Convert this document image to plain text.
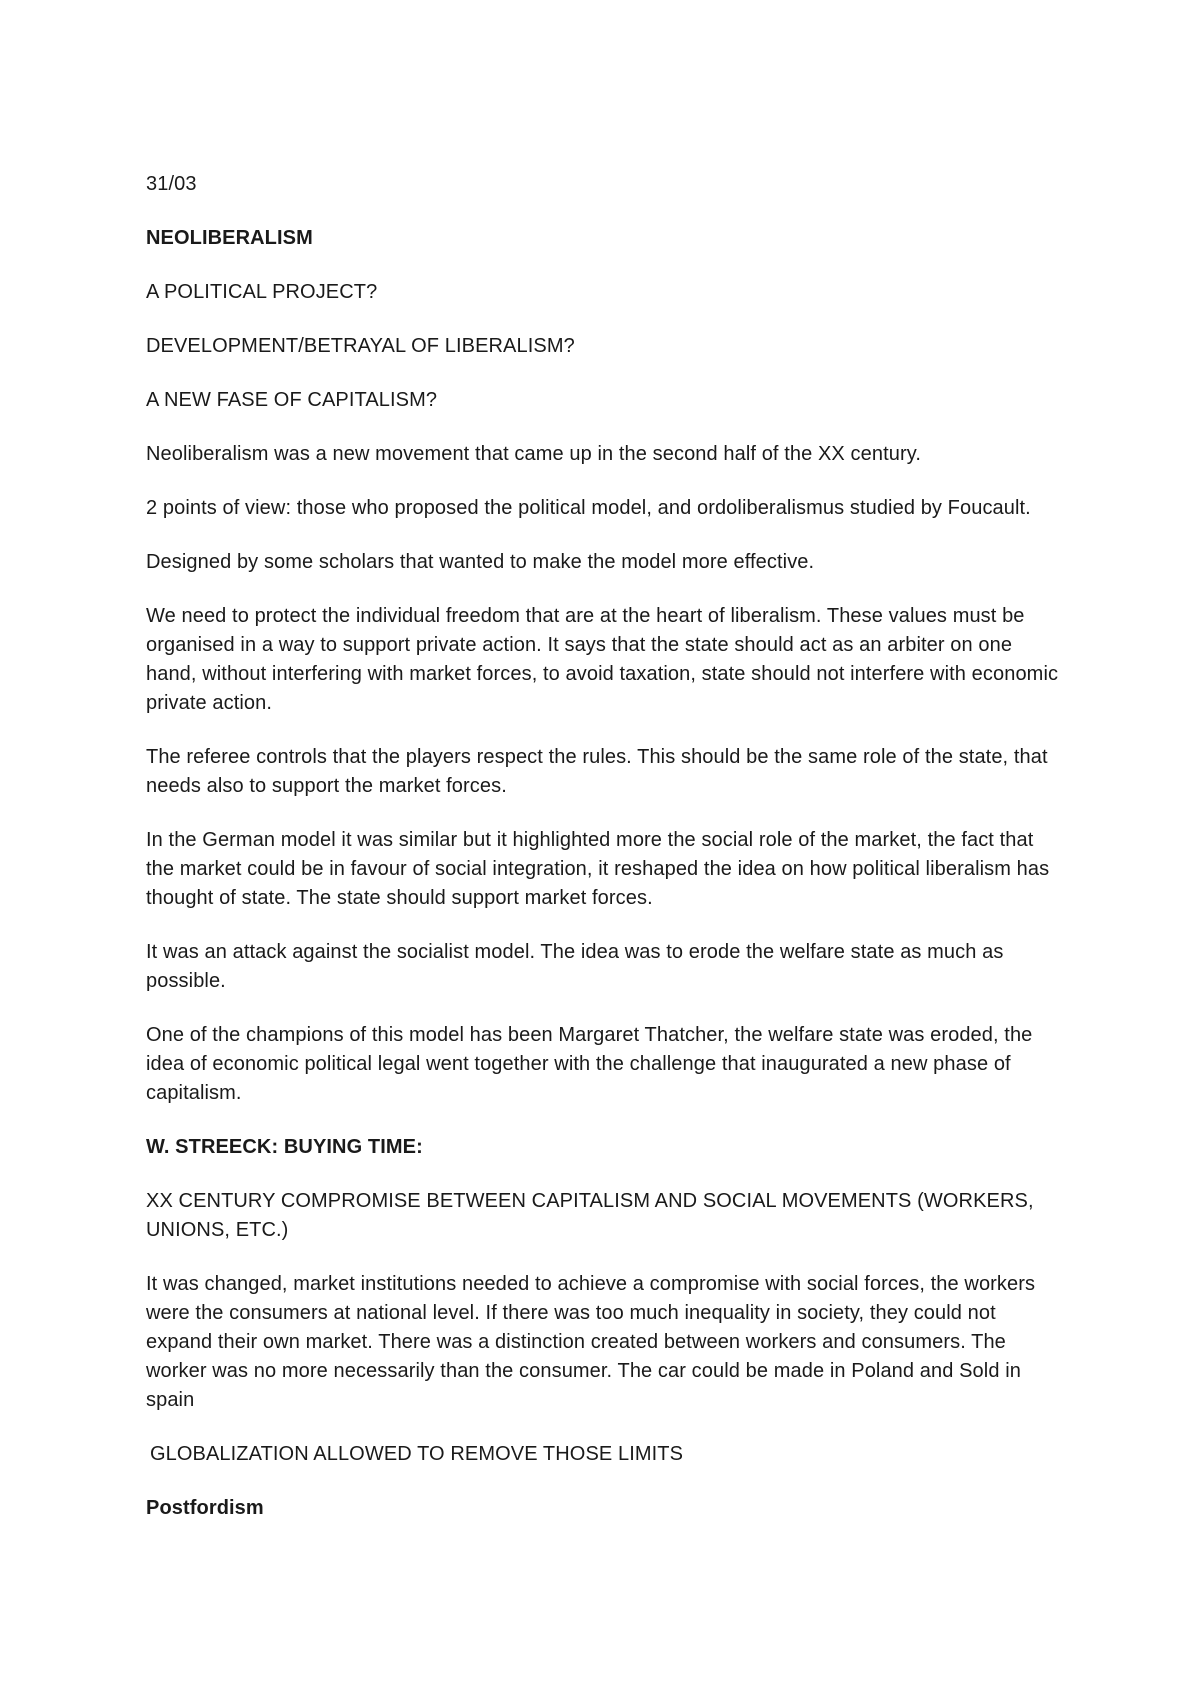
31/03
NEOLIBERALISM
A POLITICAL PROJECT?
DEVELOPMENT/BETRAYAL OF LIBERALISM?
A NEW FASE OF CAPITALISM?
Neoliberalism was a new movement that came up in the second half of the XX century.
2 points of view: those who proposed the political model, and ordoliberalismus studied by Foucault.
Designed by some scholars that wanted to make the model more effective.
We need to protect the individual freedom that are at the heart of liberalism. These values must be organised in a way to support private action. It says that the state should act as an arbiter on one hand, without interfering with market forces, to avoid taxation, state should not interfere with economic private action.
The referee controls that the players respect the rules. This should be the same role of the state, that needs also to support the market forces.
In the German model it was similar but it highlighted more the social role of the market, the fact that the market could be in favour of social integration, it reshaped the idea on how political liberalism has thought of state. The state should support market forces.
It was an attack against the socialist model. The idea was to erode the welfare state as much as possible.
One of the champions of this model has been Margaret Thatcher, the welfare state was eroded, the idea of economic political legal went together with the challenge that inaugurated a new phase of capitalism.
W. STREECK: BUYING TIME:
XX CENTURY COMPROMISE BETWEEN CAPITALISM AND SOCIAL MOVEMENTS (WORKERS, UNIONS, ETC.)
It was changed, market institutions needed to achieve a compromise with social forces, the workers were the consumers at national level. If there was too much inequality in society, they could not expand their own market. There was a distinction created between workers and consumers. The worker was no more necessarily than the consumer. The car could be made in Poland and Sold in spain
GLOBALIZATION ALLOWED TO REMOVE THOSE LIMITS
Postfordism
